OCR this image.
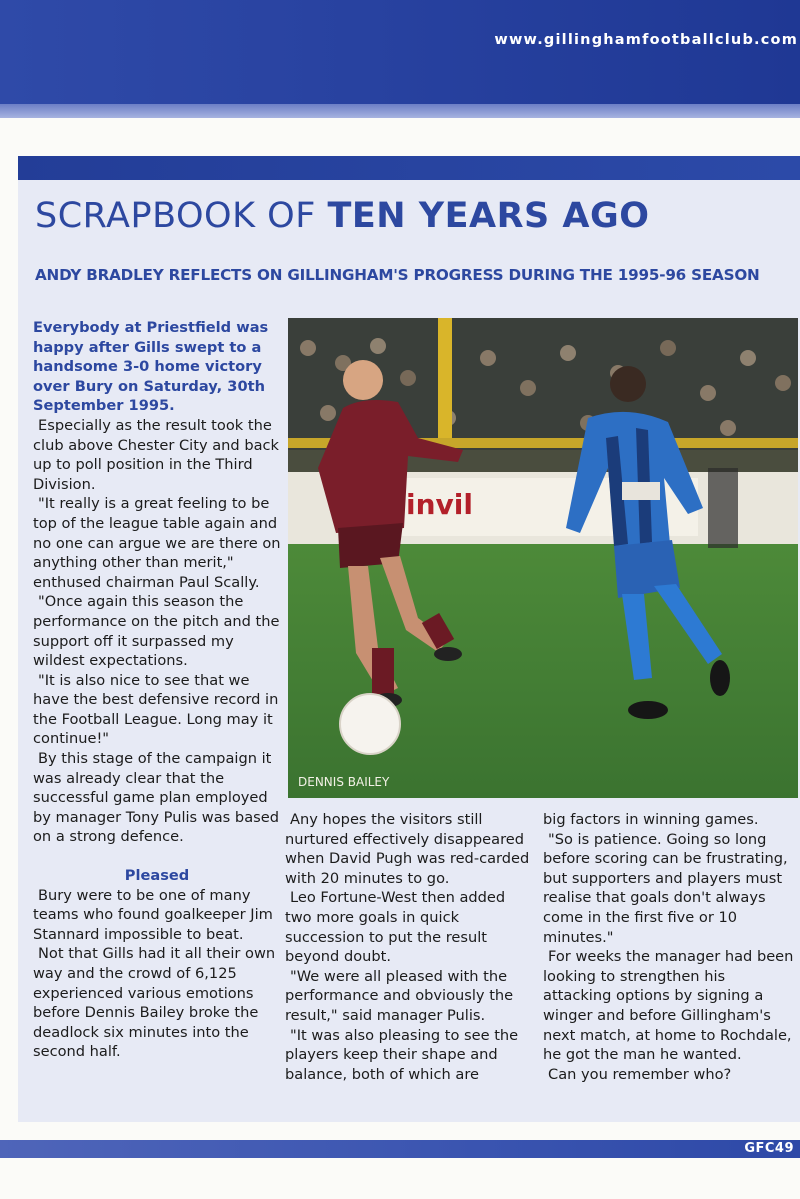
www.gillinghamfootballclub.com
SCRAPBOOK OF TEN YEARS AGO
ANDY BRADLEY REFLECTS ON GILLINGHAM'S PROGRESS DURING THE 1995-96 SEASON

Everybody at Priestfield was happy after Gills swept to a handsome 3-0 home victory over Bury on Saturday, 30th September 1995.

Especially as the result took the club above Chester City and back up to poll position in the Third Division.

"It really is a great feeling to be top of the league table again and no one can argue we are there on anything other than merit," enthused chairman Paul Scally.

"Once again this season the performance on the pitch and the support off it surpassed my wildest expectations.

"It is also nice to see that we have the best defensive record in the Football League. Long may it continue!"

By this stage of the campaign it was already clear that the successful game plan employed by manager Tony Pulis was based on a strong defence.

Pleased

Bury were to be one of many teams who found goalkeeper Jim Stannard impossible to beat.

Not that Gills had it all their own way and the crowd of 6,125 experienced various emotions before Dennis Bailey broke the deadlock six minutes into the second half.

invil
DENNIS BAILEY

Any hopes the visitors still nurtured effectively disappeared when David Pugh was red-carded with 20 minutes to go.

Leo Fortune-West then added two more goals in quick succession to put the result beyond doubt.

"We were all pleased with the performance and obviously the result," said manager Pulis.

"It was also pleasing to see the players keep their shape and balance, both of which are

big factors in winning games.

"So is patience. Going so long before scoring can be frustrating, but supporters and players must realise that goals don't always come in the first five or 10 minutes."

For weeks the manager had been looking to strengthen his attacking options by signing a winger and before Gillingham's next match, at home to Rochdale, he got the man he wanted.

Can you remember who?

GFC49
